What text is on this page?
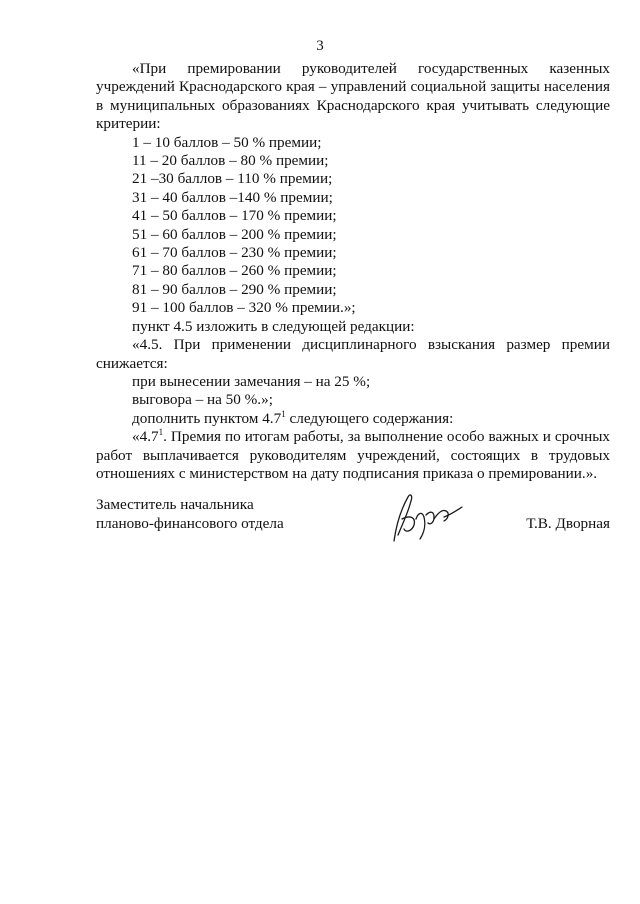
3

«При премировании руководителей государственных казенных учреждений Краснодарского края – управлений социальной защиты населения в муниципальных образованиях Краснодарского края учитывать следующие критерии:

1 – 10 баллов – 50 % премии;
11 – 20 баллов – 80 % премии;
21 –30 баллов – 110 % премии;
31 – 40 баллов –140 % премии;
41 – 50 баллов – 170 % премии;
51 – 60 баллов – 200 % премии;
61 – 70 баллов – 230 % премии;
71 – 80 баллов – 260 % премии;
81 – 90 баллов – 290 % премии;
91 – 100 баллов – 320 % премии.»;

пункт 4.5 изложить в следующей редакции:

«4.5. При применении дисциплинарного взыскания размер премии снижается:

при вынесении замечания – на 25 %;

выговора – на 50 %.»;

дополнить пунктом $4.7^1$ следующего содержания:

«$4.7^1$. Премия по итогам работы, за выполнение особо важных и срочных работ выплачивается руководителям учреждений, состоящих в трудовых отношениях с министерством на дату подписания приказа о премировании.».

Заместитель начальника
планово-финансового отдела	Т.В. Дворная
